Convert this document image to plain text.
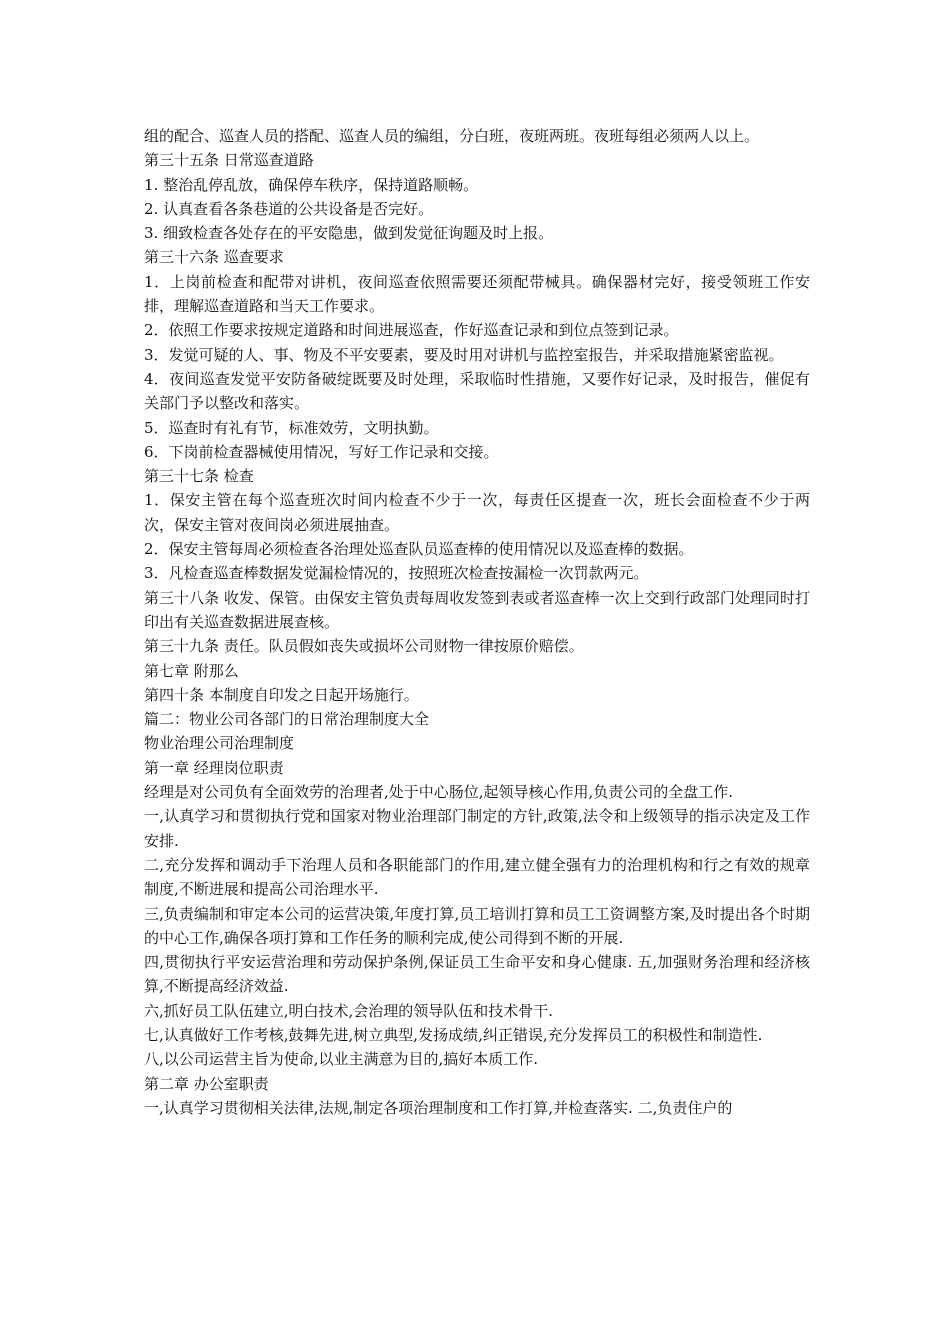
组的配合、巡查人员的搭配、巡查人员的编组，分白班，夜班两班。夜班每组必须两人以上。

第三十五条 日常巡查道路

1. 整治乱停乱放，确保停车秩序，保持道路顺畅。

2. 认真查看各条巷道的公共设备是否完好。

3. 细致检查各处存在的平安隐患，做到发觉征询题及时上报。

第三十六条 巡查要求

1．上岗前检查和配带对讲机，夜间巡查依照需要还须配带械具。确保器材完好，接受领班工作安排，理解巡查道路和当天工作要求。

2．依照工作要求按规定道路和时间进展巡查，作好巡查记录和到位点签到记录。

3．发觉可疑的人、事、物及不平安要素，要及时用对讲机与监控室报告，并采取措施紧密监视。

4．夜间巡查发觉平安防备破绽既要及时处理，采取临时性措施，又要作好记录，及时报告，催促有关部门予以整改和落实。

5．巡查时有礼有节，标准效劳，文明执勤。

6．下岗前检查器械使用情况，写好工作记录和交接。

第三十七条 检查

1．保安主管在每个巡查班次时间内检查不少于一次，每责任区提查一次，班长会面检查不少于两次，保安主管对夜间岗必须进展抽查。

2．保安主管每周必须检查各治理处巡查队员巡查棒的使用情况以及巡查棒的数据。

3．凡检查巡查棒数据发觉漏检情况的，按照班次检查按漏检一次罚款两元。

第三十八条 收发、保管。由保安主管负责每周收发签到表或者巡查棒一次上交到行政部门处理同时打印出有关巡查数据进展查核。

第三十九条 责任。队员假如丧失或损坏公司财物一律按原价赔偿。

第七章 附那么

第四十条 本制度自印发之日起开场施行。

篇二：物业公司各部门的日常治理制度大全

物业治理公司治理制度

第一章 经理岗位职责

经理是对公司负有全面效劳的治理者,处于中心肠位,起领导核心作用,负责公司的全盘工作.

一,认真学习和贯彻执行党和国家对物业治理部门制定的方针,政策,法令和上级领导的指示决定及工作安排.

二,充分发挥和调动手下治理人员和各职能部门的作用,建立健全强有力的治理机构和行之有效的规章制度,不断进展和提高公司治理水平.

三,负责编制和审定本公司的运营决策,年度打算,员工培训打算和员工工资调整方案,及时提出各个时期的中心工作,确保各项打算和工作任务的顺利完成,使公司得到不断的开展.

四,贯彻执行平安运营治理和劳动保护条例,保证员工生命平安和身心健康. 五,加强财务治理和经济核算,不断提高经济效益.

六,抓好员工队伍建立,明白技术,会治理的领导队伍和技术骨干.

七,认真做好工作考核,鼓舞先进,树立典型,发扬成绩,纠正错误,充分发挥员工的积极性和制造性.

八,以公司运营主旨为使命,以业主满意为目的,搞好本质工作.

第二章 办公室职责

一,认真学习贯彻相关法律,法规,制定各项治理制度和工作打算,并检查落实. 二,负责住户的
